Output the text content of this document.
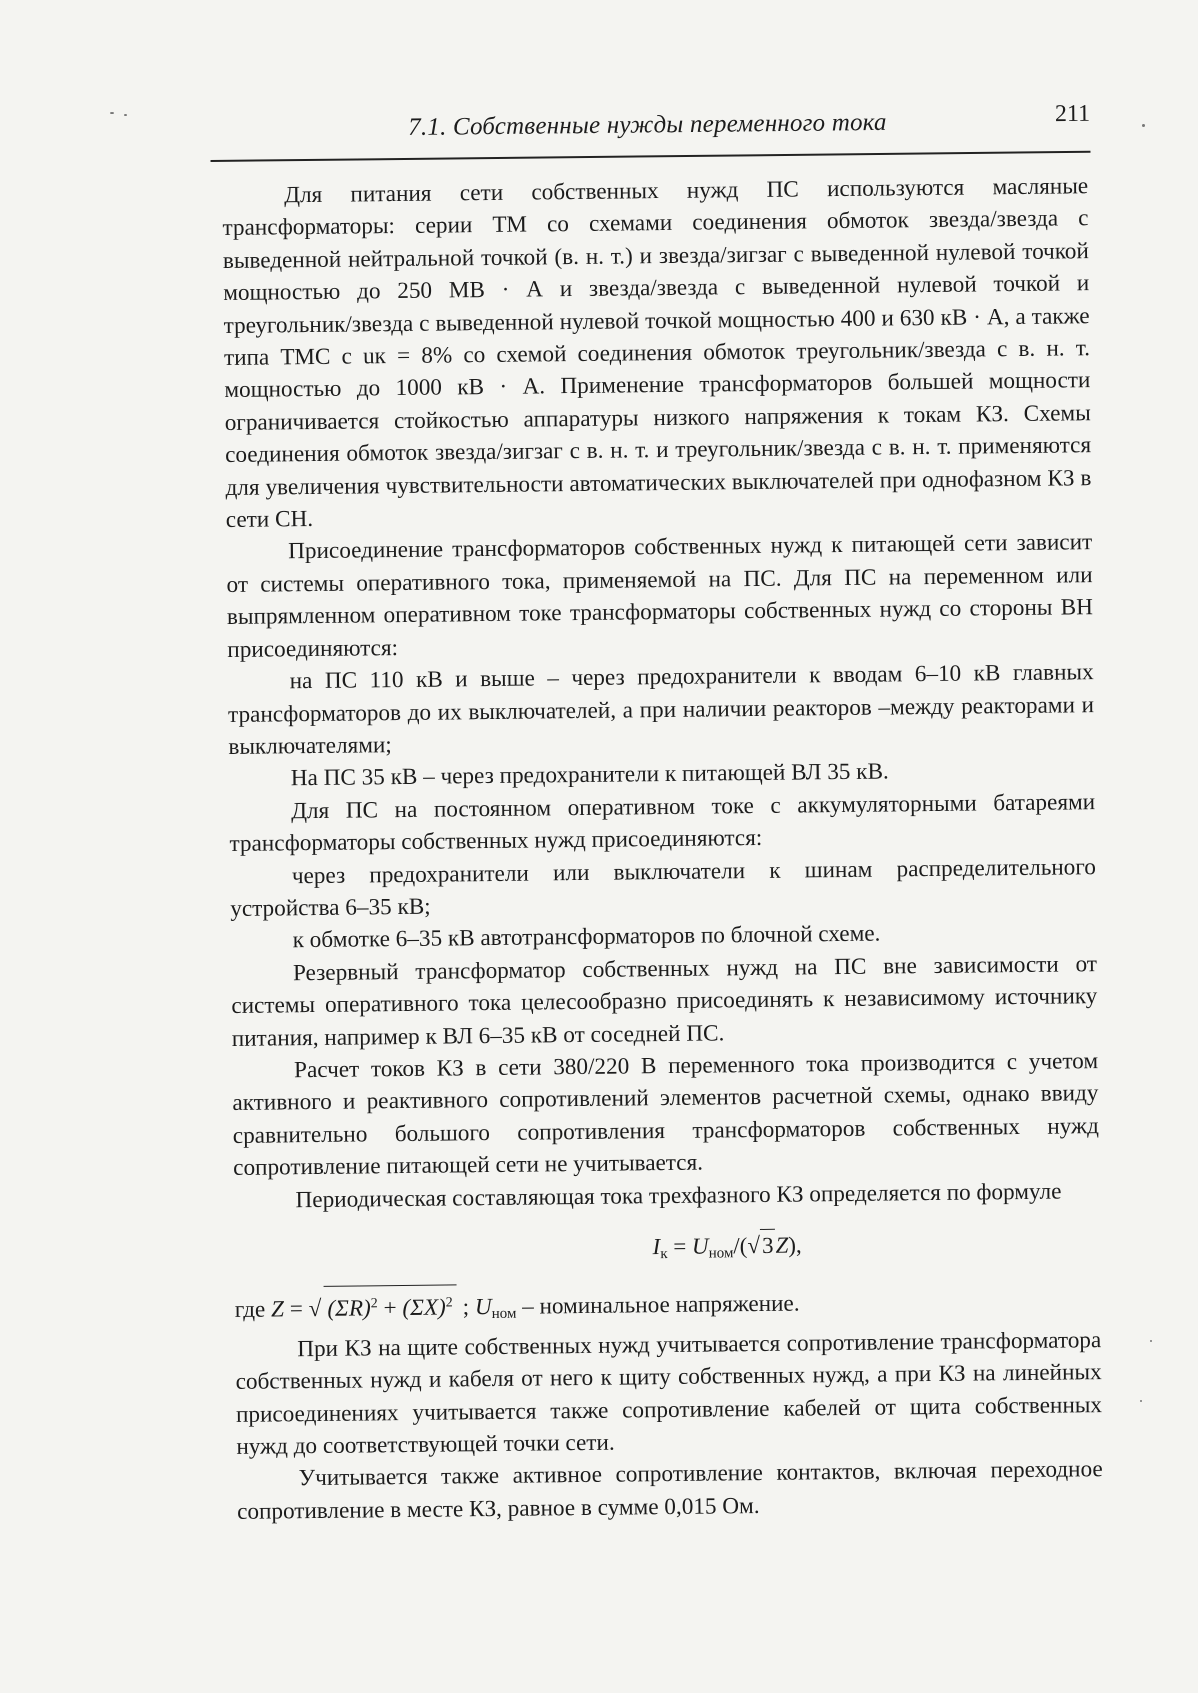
7.1. Собственные нужды переменного тока	211

Для питания сети собственных нужд ПС используются масляные трансформаторы: серии ТМ со схемами соединения обмоток звезда/звезда с выведенной нейтральной точкой (в. н. т.) и звезда/зигзаг с выведенной нулевой точкой мощностью до 250 МВ · А и звезда/звезда с выведенной нулевой точкой и треугольник/звезда с выведенной нулевой точкой мощностью 400 и 630 кВ · А, а также типа ТМС с uк = 8% со схемой соединения обмоток треугольник/звезда с в. н. т. мощностью до 1000 кВ · А. Применение трансформаторов большей мощности ограничивается стойкостью аппаратуры низкого напряжения к токам КЗ. Схемы соединения обмоток звезда/зигзаг с в. н. т. и треугольник/звезда с в. н. т. применяются для увеличения чувствительности автоматических выключателей при однофазном КЗ в сети СН.

Присоединение трансформаторов собственных нужд к питающей сети зависит от системы оперативного тока, применяемой на ПС. Для ПС на переменном или выпрямленном оперативном токе трансформаторы собственных нужд со стороны ВН присоединяются:

на ПС 110 кВ и выше – через предохранители к вводам 6–10 кВ главных трансформаторов до их выключателей, а при наличии реакторов –между реакторами и выключателями;

На ПС 35 кВ – через предохранители к питающей ВЛ 35 кВ.

Для ПС на постоянном оперативном токе с аккумуляторными батареями трансформаторы собственных нужд присоединяются:

через предохранители или выключатели к шинам распределительного устройства 6–35 кВ;

к обмотке 6–35 кВ автотрансформаторов по блочной схеме.

Резервный трансформатор собственных нужд на ПС вне зависимости от системы оперативного тока целесообразно присоединять к независимому источнику питания, например к ВЛ 6–35 кВ от соседней ПС.

Расчет токов КЗ в сети 380/220 В переменного тока производится с учетом активного и реактивного сопротивлений элементов расчетной схемы, однако ввиду сравнительно большого сопротивления трансформаторов собственных нужд сопротивление питающей сети не учитывается.

Периодическая составляющая тока трехфазного КЗ определяется по формуле

$I_к = U_{ном}/(√3Z)$,

где Z = √ $(\Sigma R)^2 + (\Sigma X)^2$ ; $U_{ном}$ – номинальное напряжение.

При КЗ на щите собственных нужд учитывается сопротивление трансформатора собственных нужд и кабеля от него к щиту собственных нужд, а при КЗ на линейных присоединениях учитывается также сопротивление кабелей от щита собственных нужд до соответствующей точки сети.

Учитывается также активное сопротивление контактов, включая переходное сопротивление в месте КЗ, равное в сумме 0,015 Ом.
